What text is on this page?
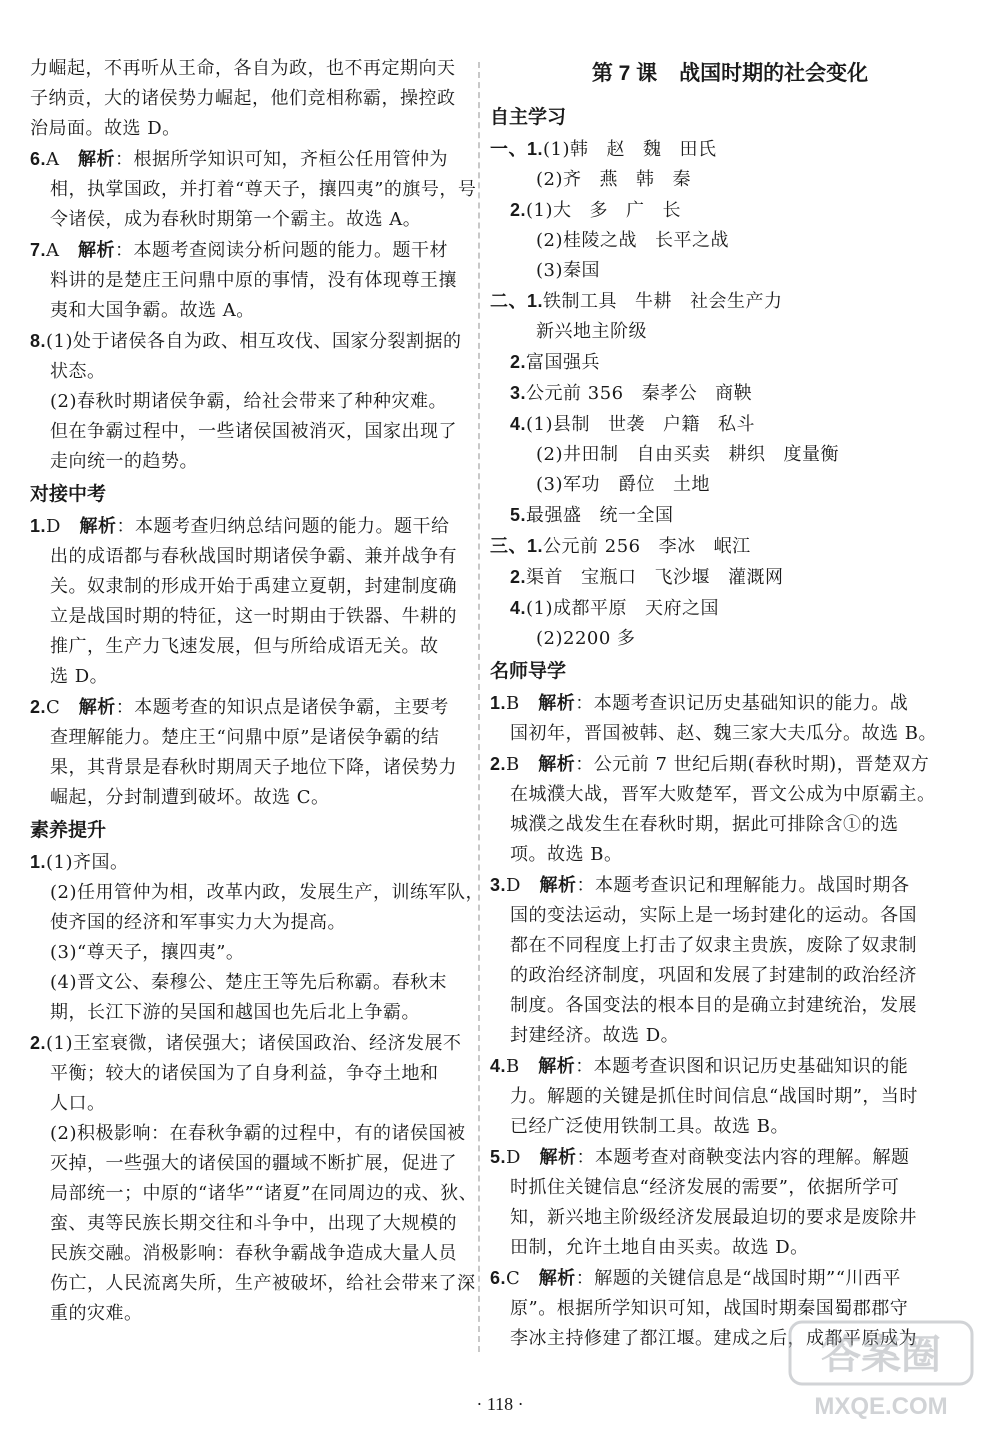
力崛起，不再听从王命，各自为政，也不再定期向天
子纳贡，大的诸侯势力崛起，他们竞相称霸，操控政
治局面。故选 D。
6.A　 解析：根据所学知识可知，齐桓公任用管仲为
相，执掌国政，并打着“尊天子，攘四夷”的旗号，号
令诸侯，成为春秋时期第一个霸主。故选 A。
7.A　 解析：本题考查阅读分析问题的能力。题干材
料讲的是楚庄王问鼎中原的事情，没有体现尊王攘
夷和大国争霸。故选 A。
8.(1)处于诸侯各自为政、相互攻伐、国家分裂割据的
状态。
(2)春秋时期诸侯争霸，给社会带来了种种灾难。
但在争霸过程中，一些诸侯国被消灭，国家出现了
走向统一的趋势。
对接中考
1.D　 解析：本题考查归纳总结问题的能力。题干给
出的成语都与春秋战国时期诸侯争霸、兼并战争有
关。奴隶制的形成开始于禹建立夏朝，封建制度确
立是战国时期的特征，这一时期由于铁器、牛耕的
推广，生产力飞速发展，但与所给成语无关。故
选 D。
2.C　 解析：本题考查的知识点是诸侯争霸，主要考
查理解能力。楚庄王“问鼎中原”是诸侯争霸的结
果，其背景是春秋时期周天子地位下降，诸侯势力
崛起，分封制遭到破坏。故选 C。
素养提升
1.(1)齐国。
(2)任用管仲为相，改革内政，发展生产，训练军队，
使齐国的经济和军事实力大为提高。
(3)“尊天子，攘四夷”。
(4)晋文公、秦穆公、楚庄王等先后称霸。春秋末
期，长江下游的吴国和越国也先后北上争霸。
2.(1)王室衰微，诸侯强大；诸侯国政治、经济发展不
平衡；较大的诸侯国为了自身利益，争夺土地和
人口。
(2)积极影响：在春秋争霸的过程中，有的诸侯国被
灭掉，一些强大的诸侯国的疆域不断扩展，促进了
局部统一；中原的“诸华”“诸夏”在同周边的戎、狄、
蛮、夷等民族长期交往和斗争中，出现了大规模的
民族交融。消极影响：春秋争霸战争造成大量人员
伤亡，人民流离失所，生产被破坏，给社会带来了深
重的灾难。
第 7 课 战国时期的社会变化
自主学习
一、1.(1)韩 赵 魏 田氏
(2)齐 燕 韩 秦
2.(1)大 多 广 长
(2)桂陵之战 长平之战
(3)秦国
二、1.铁制工具 牛耕 社会生产力
新兴地主阶级
2.富国强兵
3.公元前 356 秦孝公 商鞅
4.(1)县制 世袭 户籍 私斗
(2)井田制 自由买卖 耕织 度量衡
(3)军功 爵位 土地
5.最强盛 统一全国
三、1.公元前 256 李冰 岷江
2.渠首 宝瓶口 飞沙堰 灌溉网
4.(1)成都平原 天府之国
(2)2200 多
名师导学
1.B　 解析：本题考查识记历史基础知识的能力。战
国初年，晋国被韩、赵、魏三家大夫瓜分。故选 B。
2.B　 解析：公元前 7 世纪后期(春秋时期)，晋楚双方
在城濮大战，晋军大败楚军，晋文公成为中原霸主。
城濮之战发生在春秋时期，据此可排除含①的选
项。故选 B。
3.D　 解析：本题考查识记和理解能力。战国时期各
国的变法运动，实际上是一场封建化的运动。各国
都在不同程度上打击了奴隶主贵族，废除了奴隶制
的政治经济制度，巩固和发展了封建制的政治经济
制度。各国变法的根本目的是确立封建统治，发展
封建经济。故选 D。
4.B　 解析：本题考查识图和识记历史基础知识的能
力。解题的关键是抓住时间信息“战国时期”，当时
已经广泛使用铁制工具。故选 B。
5.D　 解析：本题考查对商鞅变法内容的理解。解题
时抓住关键信息“经济发展的需要”，依据所学可
知，新兴地主阶级经济发展最迫切的要求是废除井
田制，允许土地自由买卖。故选 D。
6.C　 解析：解题的关键信息是“战国时期”“川西平
原”。根据所学知识可知，战国时期秦国蜀郡郡守
李冰主持修建了都江堰。建成之后，成都平原成为
· 118 ·
答案圈
MXQE.COM
